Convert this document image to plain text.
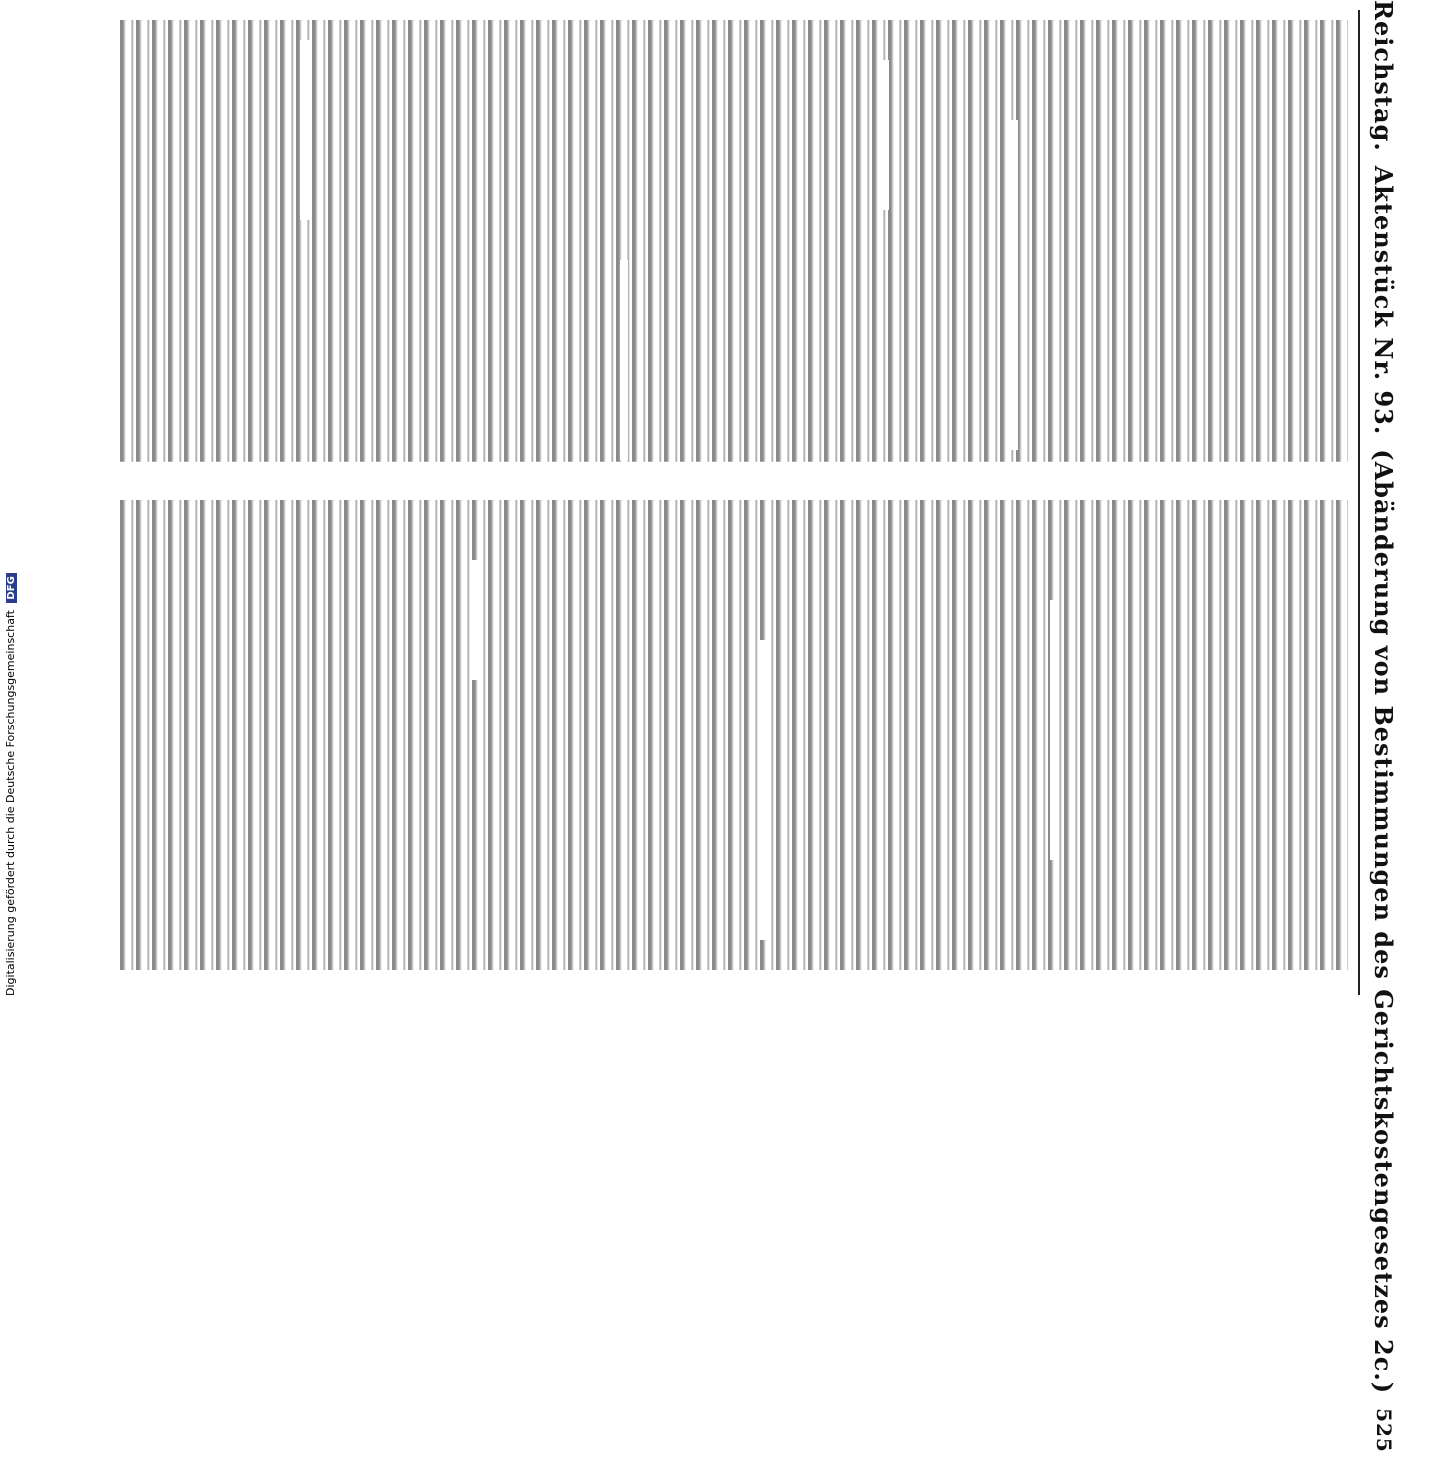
Reichstag.
Aktenstück Nr. 93.
(Abänderung von Bestimmungen des Gerichtskostengesetzes 2c.)
525
Digitalisierung gefördert durch die Deutsche Forschungsgemeinschaft DFG
